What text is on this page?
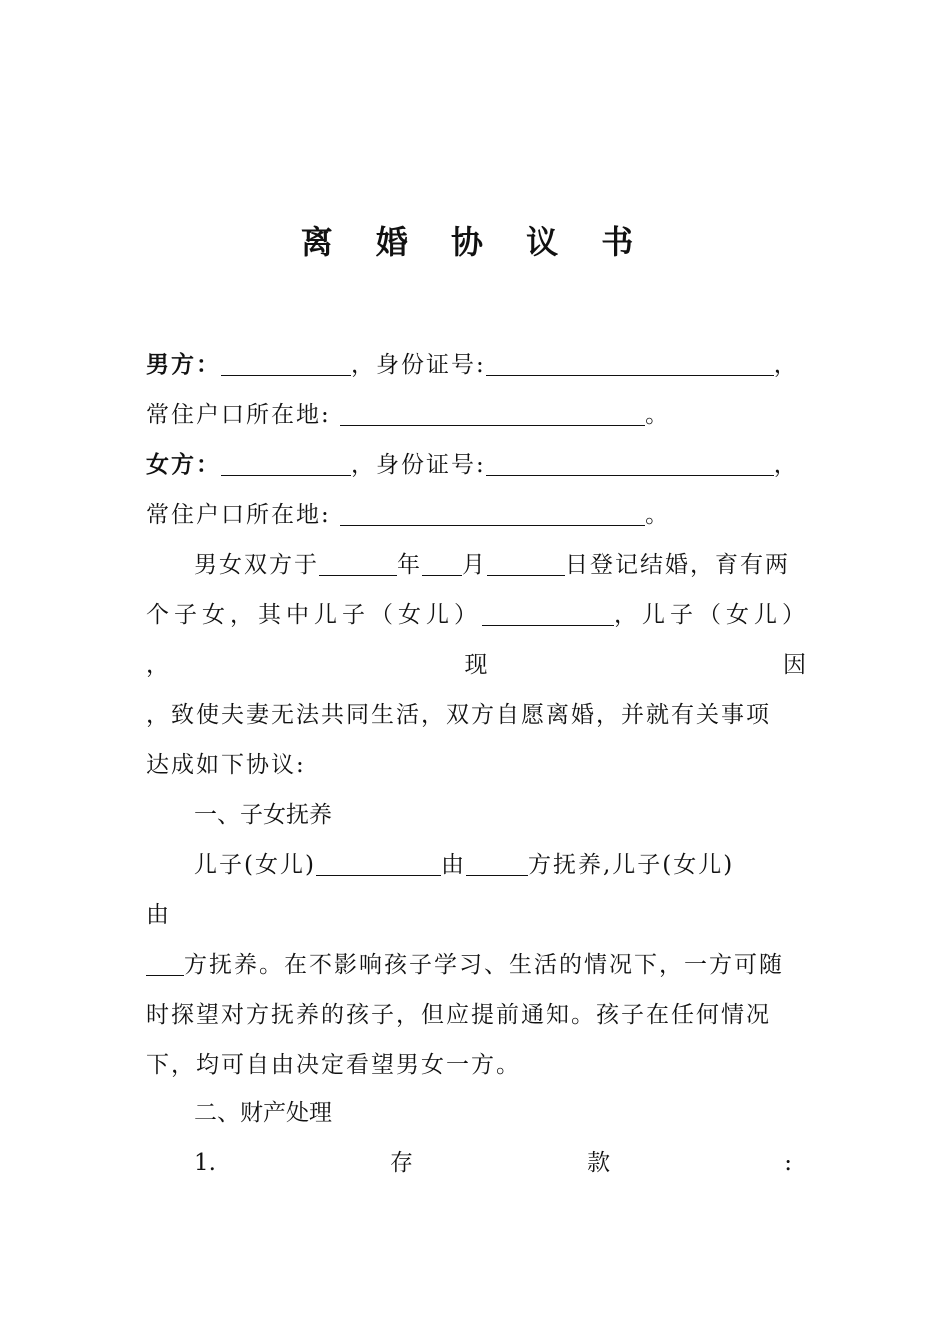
离 婚 协 议 书
男方：	，身份证号:	，
常住户口所在地:	。
女方：	，身份证号:	，
常住户口所在地:	。
男女双方于	年 月	日登记结婚，育有两
个子女，其中儿子（女儿）	，儿子（女儿）
，	现	因
，致使夫妻无法共同生活，双方自愿离婚，并就有关事项
达成如下协议:
一、子女抚养
儿子(女儿)	由	方抚养,儿子(女儿)
由
方抚养。在不影响孩子学习、生活的情况下，一方可随
时探望对方抚养的孩子，但应提前通知。孩子在任何情况
下，均可自由决定看望男女一方。
二、财产处理
1.	存	款	:
